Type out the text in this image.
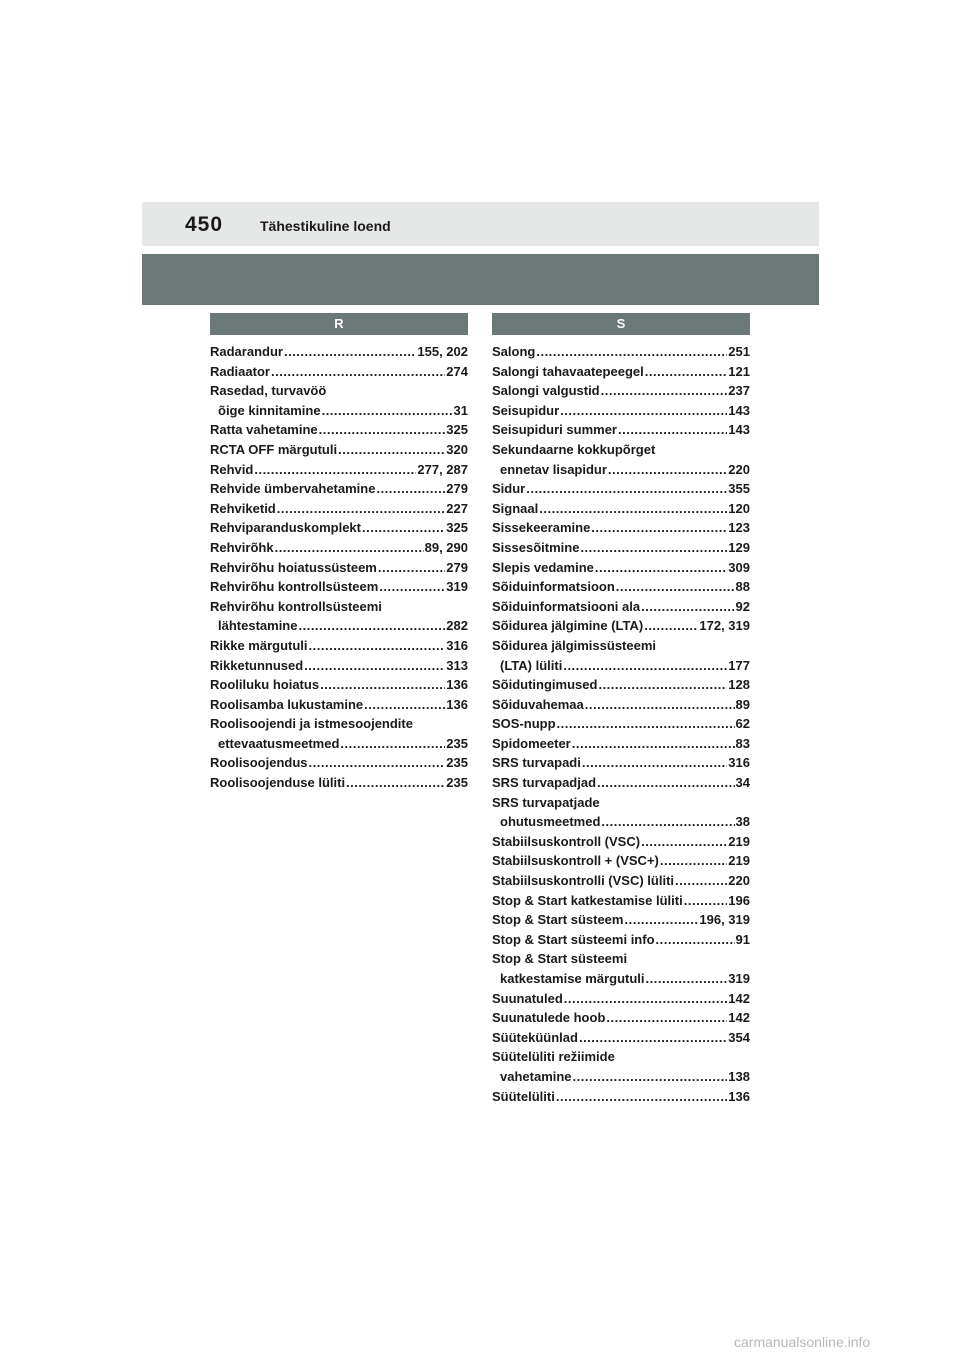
450	Tähestikuline loend
R
Radarandur .....	155, 202
Radiaator .....	274
Rasedad, turvavöö
õige kinnitamine .....	31
Ratta vahetamine .....	325
RCTA OFF märgutuli .....	320
Rehvid .....	277, 287
Rehvide ümbervahetamine .....	279
Rehviketid .....	227
Rehviparanduskomplekt .....	325
Rehvirõhk .....	89, 290
Rehvirõhu hoiatussüsteem .....	279
Rehvirõhu kontrollsüsteem .....	319
Rehvirõhu kontrollsüsteemi
lähtestamine .....	282
Rikke märgutuli .....	316
Rikketunnused .....	313
Rooliluku hoiatus .....	136
Roolisamba lukustamine .....	136
Roolisoojendi ja istmesoojendite
ettevaatusmeetmed .....	235
Roolisoojendus .....	235
Roolisoojenduse lüliti .....	235
S
Salong .....	251
Salongi tahavaatepeegel .....	121
Salongi valgustid .....	237
Seisupidur .....	143
Seisupiduri summer .....	143
Sekundaarne kokkupõrget
ennetav lisapidur .....	220
Sidur .....	355
Signaal .....	120
Sissekeeramine .....	123
Sissesõitmine .....	129
Slepis vedamine .....	309
Sõiduinformatsioon .....	88
Sõiduinformatsiooni ala .....	92
Sõidurea jälgimine (LTA) .....	172, 319
Sõidurea jälgimissüsteemi
(LTA) lüliti .....	177
Sõidutingimused .....	128
Sõiduvahemaa .....	89
SOS-nupp .....	62
Spidomeeter .....	83
SRS turvapadi .....	316
SRS turvapadjad .....	34
SRS turvapatjade
ohutusmeetmed .....	38
Stabiilsuskontroll (VSC) .....	219
Stabiilsuskontroll + (VSC+) .....	219
Stabiilsuskontrolli (VSC) lüliti .....	220
Stop & Start katkestamise lüliti .....	196
Stop & Start süsteem .....	196, 319
Stop & Start süsteemi info .....	91
Stop & Start süsteemi
katkestamise märgutuli .....	319
Suunatuled .....	142
Suunatulede hoob .....	142
Süüteküünlad .....	354
Süütelüliti režiimide
vahetamine .....	138
Süütelüliti .....	136
carmanualsonline.info
